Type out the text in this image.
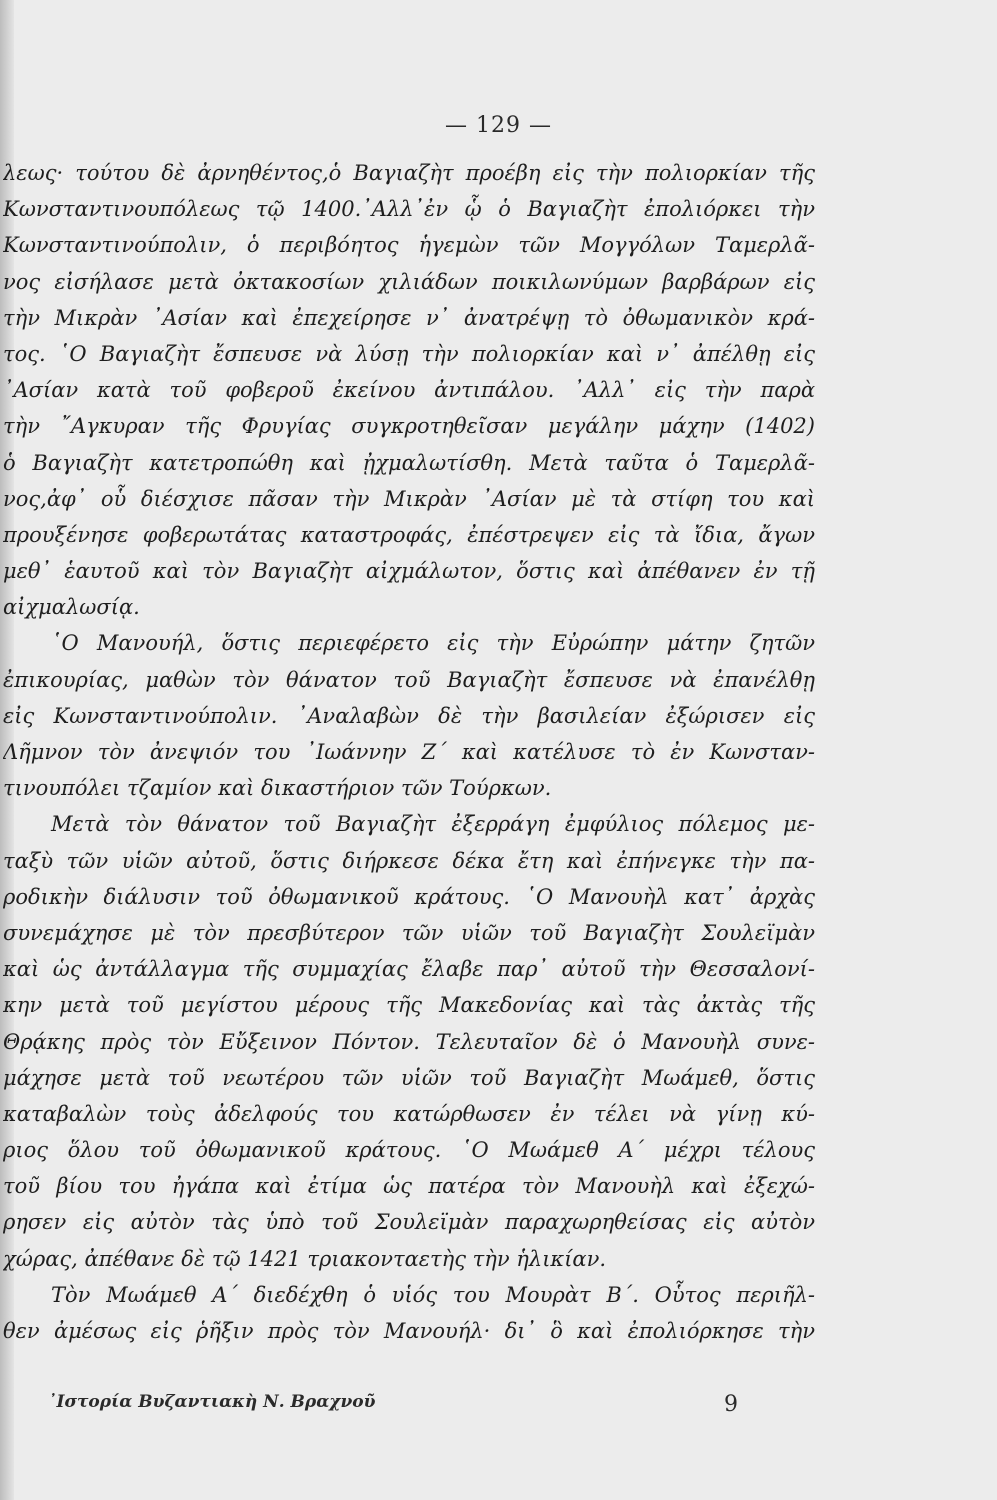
— 129 —
λεως· τούτου δὲ ἀρνηθέντος,ὁ Βαγιαζὴτ προέβη εἰς τὴν πολιορκίαν τῆς
Κωνσταντινουπόλεως τῷ 1400.᾿Αλλ᾿ἐν ᾧ ὁ Βαγιαζὴτ ἐπολιόρκει τὴν
Κωνσταντινούπολιν, ὁ περιβόητος ἡγεμὼν τῶν Μογγόλων Ταμερλᾶ-
νος εἰσήλασε μετὰ ὀκτακοσίων χιλιάδων ποικιλωνύμων βαρβάρων εἰς
τὴν Μικρὰν ᾿Ασίαν καὶ ἐπεχείρησε ν᾿ ἀνατρέψῃ τὸ ὀθωμανικὸν κρά-
τος. ῾Ο Βαγιαζὴτ ἔσπευσε νὰ λύσῃ τὴν πολιορκίαν καὶ ν᾿ ἀπέλθῃ εἰς
᾿Ασίαν κατὰ τοῦ φοβεροῦ ἐκείνου ἀντιπάλου. ᾿Αλλ᾿ εἰς τὴν παρὰ
τὴν ῎Αγκυραν τῆς Φρυγίας συγκροτηθεῖσαν μεγάλην μάχην (1402)
ὁ Βαγιαζὴτ κατετροπώθη καὶ ᾐχμαλωτίσθη. Μετὰ ταῦτα ὁ Ταμερλᾶ-
νος,ἀφ᾿ οὗ διέσχισε πᾶσαν τὴν Μικρὰν ᾿Ασίαν μὲ τὰ στίφη του καὶ
προυξένησε φοβερωτάτας καταστροφάς, ἐπέστρεψεν εἰς τὰ ἴδια, ἄγων
μεθ᾿ ἑαυτοῦ καὶ τὸν Βαγιαζὴτ αἰχμάλωτον, ὅστις καὶ ἀπέθανεν ἐν τῇ
αἰχμαλωσίᾳ.
῾Ο Μανουήλ, ὅστις περιεφέρετο εἰς τὴν Εὐρώπην μάτην ζητῶν
ἐπικουρίας, μαθὼν τὸν θάνατον τοῦ Βαγιαζὴτ ἔσπευσε νὰ ἐπανέλθῃ
εἰς Κωνσταντινούπολιν. ᾿Αναλαβὼν δὲ τὴν βασιλείαν ἐξώρισεν εἰς
Λῆμνον τὸν ἀνεψιόν του ᾿Ιωάννην Ζ΄ καὶ κατέλυσε τὸ ἐν Κωνσταν-
τινουπόλει τζαμίον καὶ δικαστήριον τῶν Τούρκων.
Μετὰ τὸν θάνατον τοῦ Βαγιαζὴτ ἐξερράγη ἐμφύλιος πόλεμος με-
ταξὺ τῶν υἱῶν αὐτοῦ, ὅστις διήρκεσε δέκα ἔτη καὶ ἐπήνεγκε τὴν πα-
ροδικὴν διάλυσιν τοῦ ὀθωμανικοῦ κράτους. ῾Ο Μανουὴλ κατ᾿ ἀρχὰς
συνεμάχησε μὲ τὸν πρεσβύτερον τῶν υἱῶν τοῦ Βαγιαζὴτ Σουλεϊμὰν
καὶ ὡς ἀντάλλαγμα τῆς συμμαχίας ἔλαβε παρ᾿ αὐτοῦ τὴν Θεσσαλονί-
κην μετὰ τοῦ μεγίστου μέρους τῆς Μακεδονίας καὶ τὰς ἀκτὰς τῆς
Θρᾴκης πρὸς τὸν Εὔξεινον Πόντον. Τελευταῖον δὲ ὁ Μανουὴλ συνε-
μάχησε μετὰ τοῦ νεωτέρου τῶν υἱῶν τοῦ Βαγιαζὴτ Μωάμεθ, ὅστις
καταβαλὼν τοὺς ἀδελφούς του κατώρθωσεν ἐν τέλει νὰ γίνῃ κύ-
ριος ὅλου τοῦ ὀθωμανικοῦ κράτους. ῾Ο Μωάμεθ Α΄ μέχρι τέλους
τοῦ βίου του ἠγάπα καὶ ἐτίμα ὡς πατέρα τὸν Μανουὴλ καὶ ἐξεχώ-
ρησεν εἰς αὐτὸν τὰς ὑπὸ τοῦ Σουλεϊμὰν παραχωρηθείσας εἰς αὐτὸν
χώρας, ἀπέθανε δὲ τῷ 1421 τριακονταετὴς τὴν ἡλικίαν.
Τὸν Μωάμεθ Α΄ διεδέχθη ὁ υἱός του Μουρὰτ Β΄. Οὗτος περιῆλ-
θεν ἀμέσως εἰς ῥῆξιν πρὸς τὸν Μανουήλ· δι᾿ ὃ καὶ ἐπολιόρκησε τὴν
᾿Ιστορία Βυζαντιακὴ Ν. Βραχνοῦ	9
